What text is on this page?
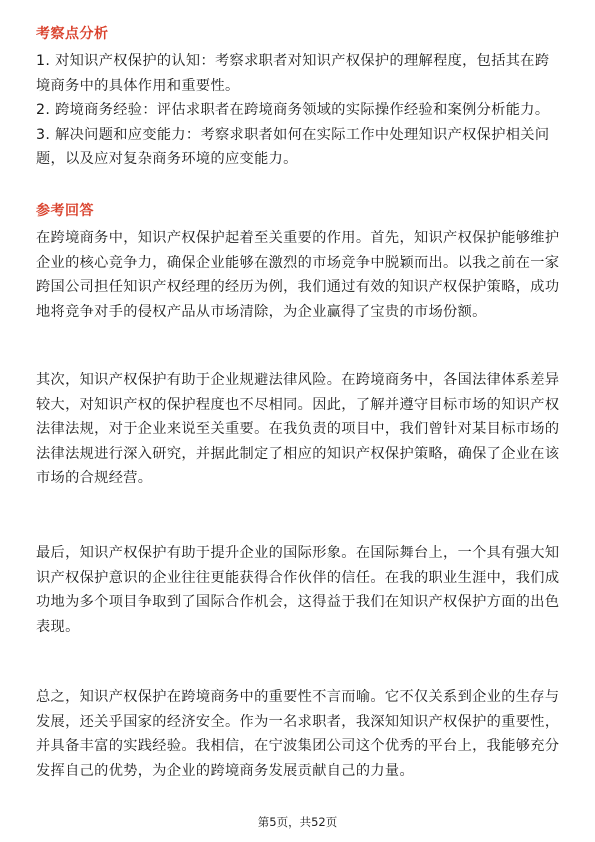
考察点分析

1. 对知识产权保护的认知：考察求职者对知识产权保护的理解程度，包括其在跨境商务中的具体作用和重要性。

2. 跨境商务经验：评估求职者在跨境商务领域的实际操作经验和案例分析能力。

3. 解决问题和应变能力：考察求职者如何在实际工作中处理知识产权保护相关问题，以及应对复杂商务环境的应变能力。

参考回答

在跨境商务中，知识产权保护起着至关重要的作用。首先，知识产权保护能够维护企业的核心竞争力，确保企业能够在激烈的市场竞争中脱颖而出。以我之前在一家跨国公司担任知识产权经理的经历为例，我们通过有效的知识产权保护策略，成功地将竞争对手的侵权产品从市场清除，为企业赢得了宝贵的市场份额。

其次，知识产权保护有助于企业规避法律风险。在跨境商务中，各国法律体系差异较大，对知识产权的保护程度也不尽相同。因此，了解并遵守目标市场的知识产权法律法规，对于企业来说至关重要。在我负责的项目中，我们曾针对某目标市场的法律法规进行深入研究，并据此制定了相应的知识产权保护策略，确保了企业在该市场的合规经营。

最后，知识产权保护有助于提升企业的国际形象。在国际舞台上，一个具有强大知识产权保护意识的企业往往更能获得合作伙伴的信任。在我的职业生涯中，我们成功地为多个项目争取到了国际合作机会，这得益于我们在知识产权保护方面的出色表现。

总之，知识产权保护在跨境商务中的重要性不言而喻。它不仅关系到企业的生存与发展，还关乎国家的经济安全。作为一名求职者，我深知知识产权保护的重要性，并具备丰富的实践经验。我相信，在宁波集团公司这个优秀的平台上，我能够充分发挥自己的优势，为企业的跨境商务发展贡献自己的力量。

第5页，共52页
